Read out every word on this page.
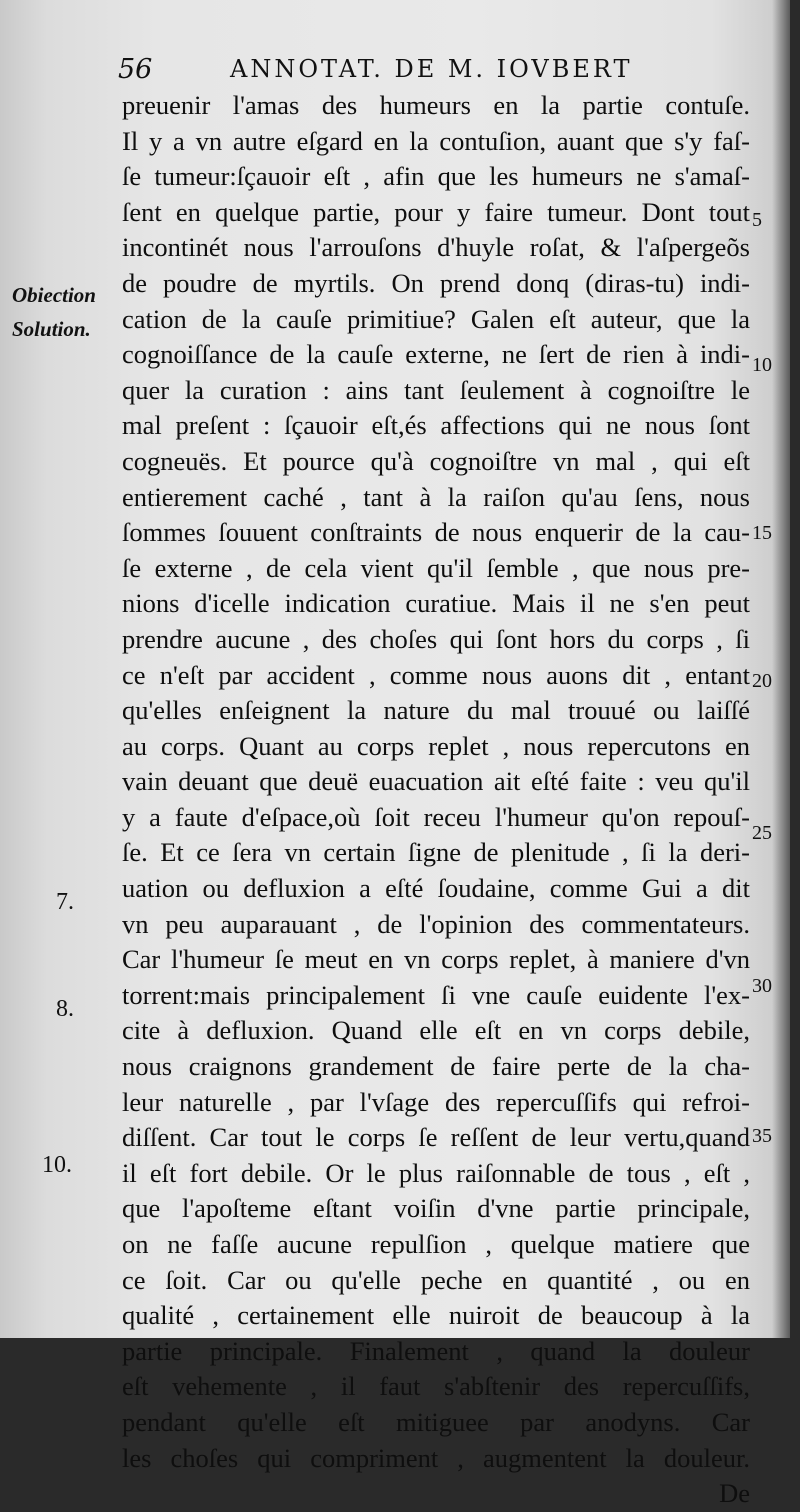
56	ANNOTAT. DE M. IOVBERT
Obiection
Solution.
7.
8.
10.
5
10
15
20
25
30
35
preuenir l'amas des humeurs en la partie contuſe.
Il y a vn autre eſgard en la contuſion, auant que s'y faſ-
ſe tumeur:ſçauoir eſt , afin que les humeurs ne s'amaſ-
ſent en quelque partie, pour y faire tumeur. Dont tout
incontinét nous l'arrouſons d'huyle roſat, & l'aſpergeõs
de poudre de myrtils. On prend donq (diras-tu) indi-
cation de la cauſe primitiue? Galen eſt auteur, que la
cognoiſſance de la cauſe externe, ne ſert de rien à indi-
quer la curation : ains tant ſeulement à cognoiſtre le
mal preſent : ſçauoir eſt,és affections qui ne nous ſont
cogneuës. Et pource qu'à cognoiſtre vn mal , qui eſt
entierement caché , tant à la raiſon qu'au ſens, nous
ſommes ſouuent conſtraints de nous enquerir de la cau-
ſe externe , de cela vient qu'il ſemble , que nous pre-
nions d'icelle indication curatiue. Mais il ne s'en peut
prendre aucune , des choſes qui ſont hors du corps , ſi
ce n'eſt par accident , comme nous auons dit , entant
qu'elles enſeignent la nature du mal trouué ou laiſſé
au corps. Quant au corps replet , nous repercutons en
vain deuant que deuë euacuation ait eſté faite : veu qu'il
y a faute d'eſpace,où ſoit receu l'humeur qu'on repouſ-
ſe. Et ce ſera vn certain ſigne de plenitude , ſi la deri-
uation ou defluxion a eſté ſoudaine, comme Gui a dit
vn peu auparauant , de l'opinion des commentateurs.
Car l'humeur ſe meut en vn corps replet, à maniere d'vn
torrent:mais principalement ſi vne cauſe euidente l'ex-
cite à defluxion. Quand elle eſt en vn corps debile,
nous craignons grandement de faire perte de la cha-
leur naturelle , par l'vſage des repercuſſifs qui refroi-
diſſent. Car tout le corps ſe reſſent de leur vertu,quand
il eſt fort debile. Or le plus raiſonnable de tous , eſt ,
que l'apoſteme eſtant voiſin d'vne partie principale,
on ne faſſe aucune repulſion , quelque matiere que
ce ſoit. Car ou qu'elle peche en quantité , ou en
qualité , certainement elle nuiroit de beaucoup à la
partie principale. Finalement , quand la douleur
eſt vehemente , il faut s'abſtenir des repercuſſifs,
pendant qu'elle eſt mitiguee par anodyns. Car
les choſes qui compriment , augmentent la douleur.
De
